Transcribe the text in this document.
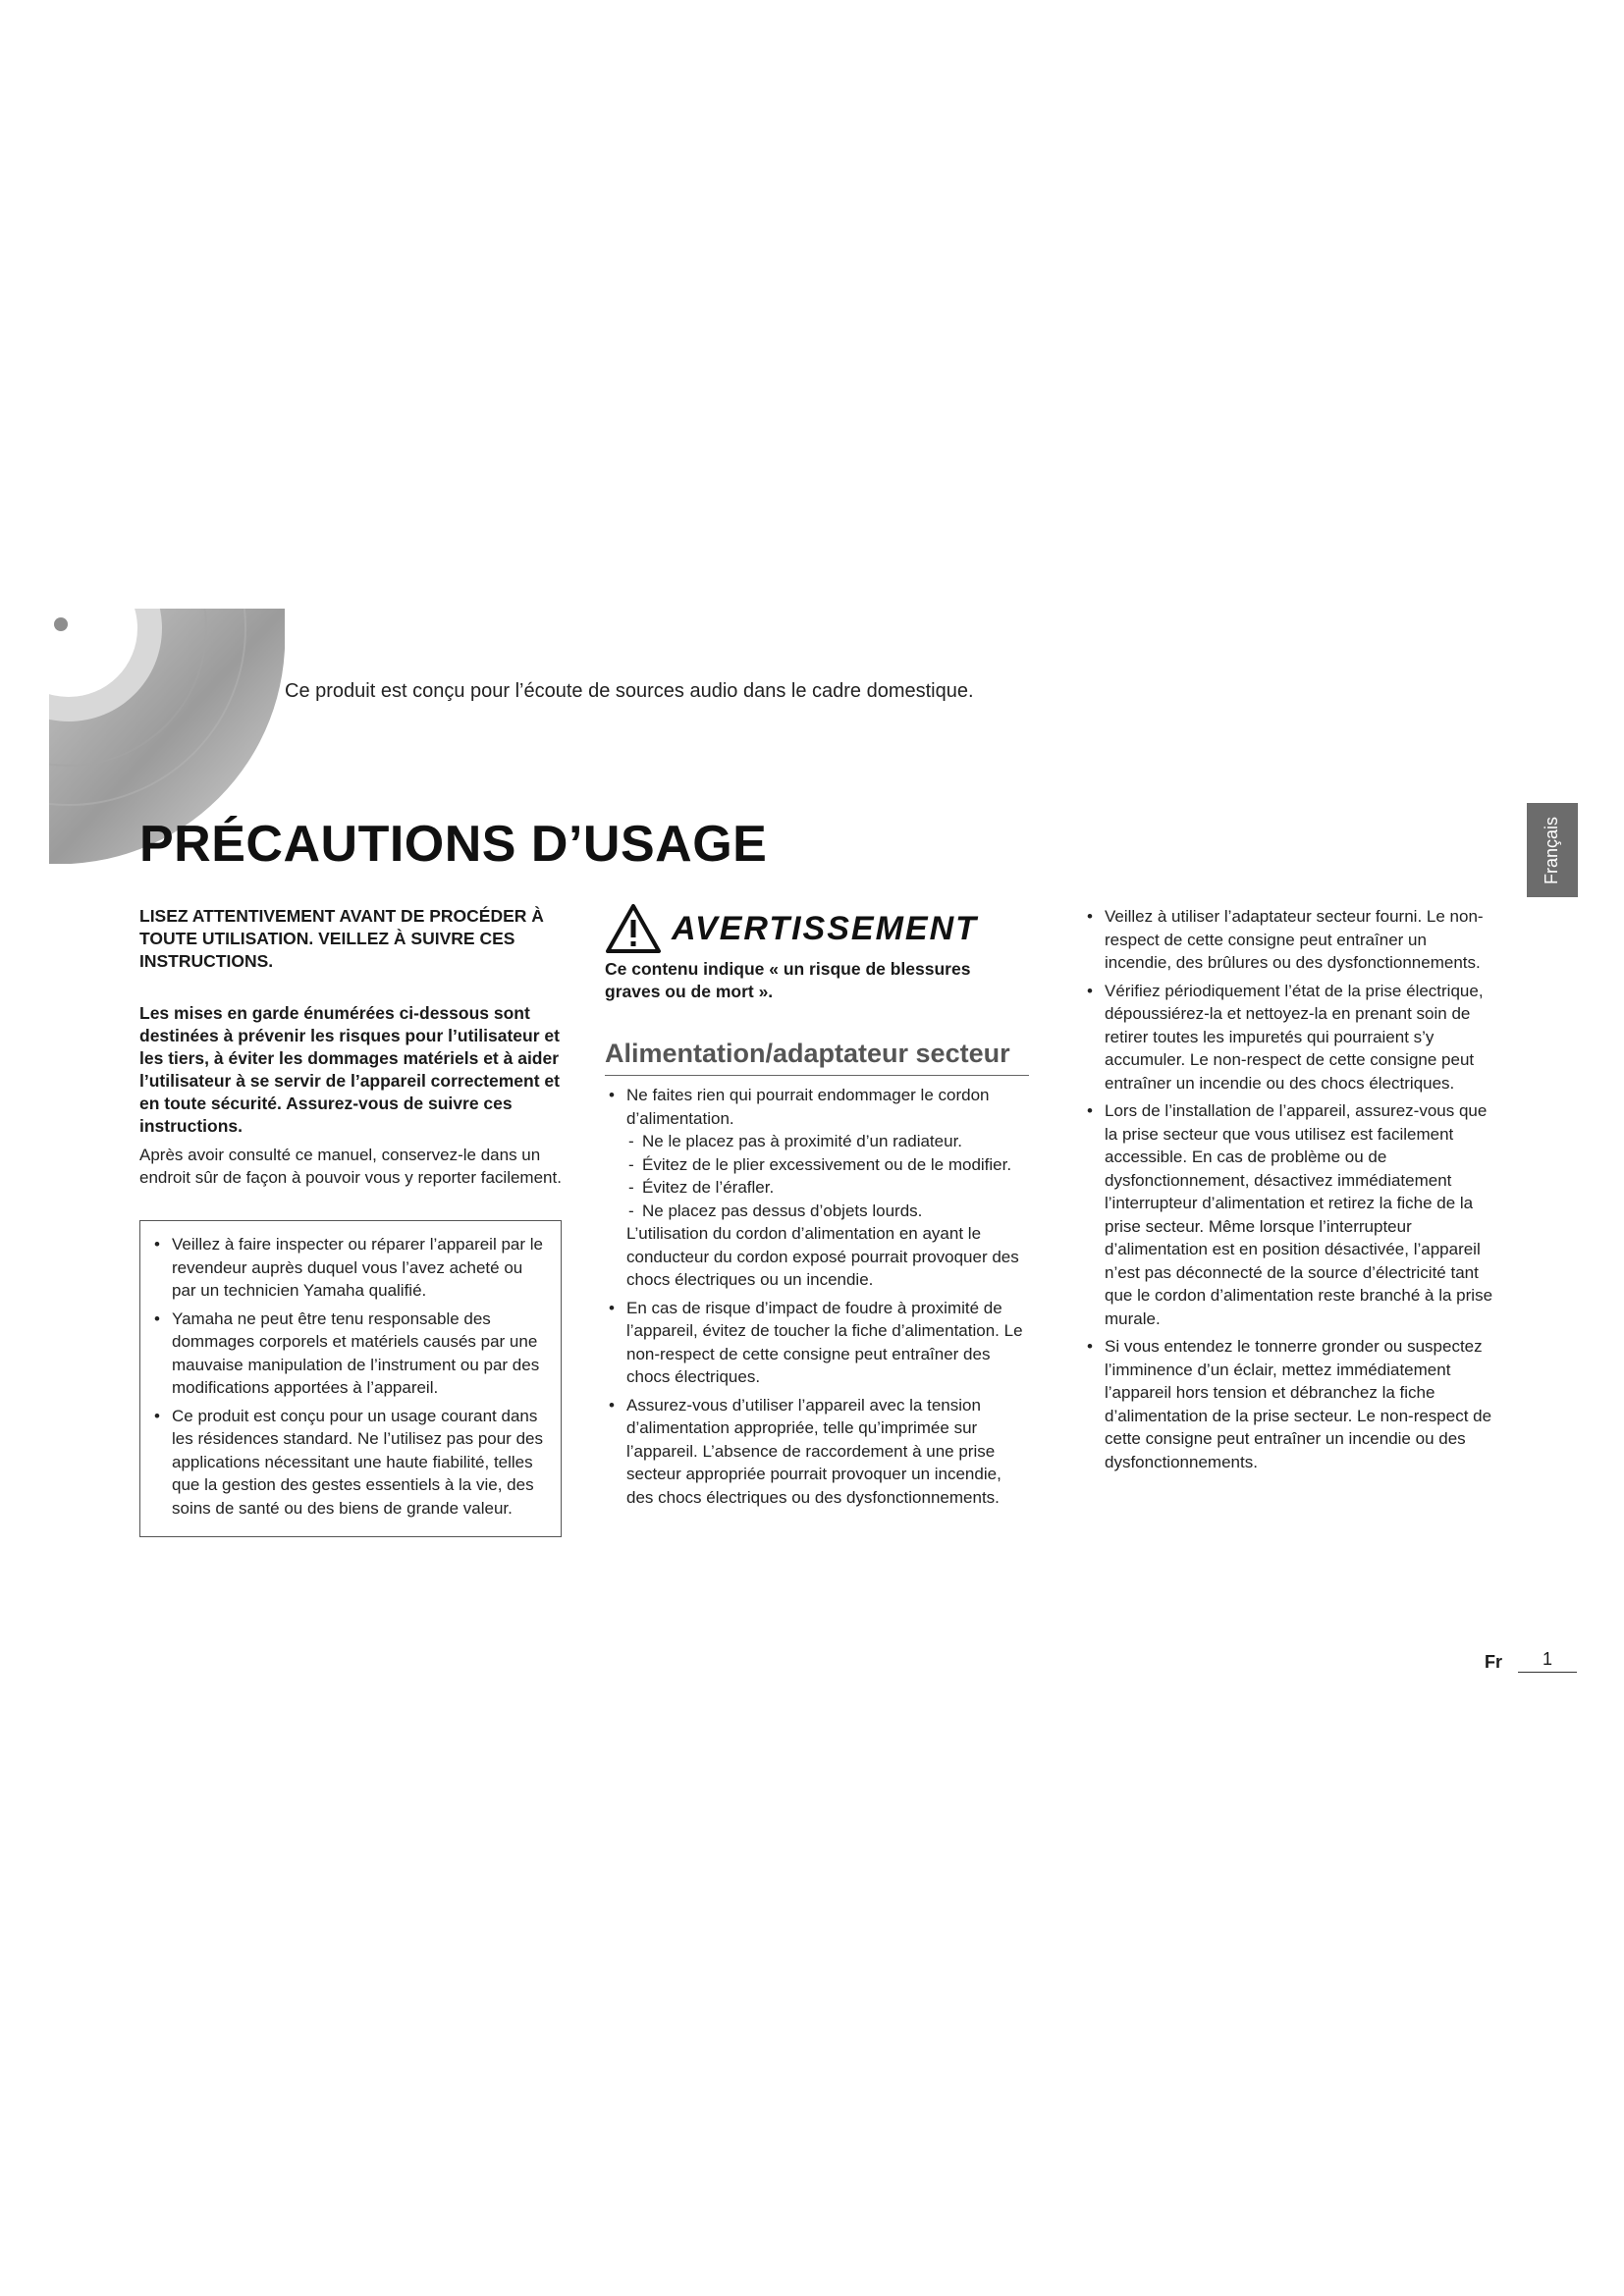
Ce produit est conçu pour l’écoute de sources audio dans le cadre domestique.
Français
PRÉCAUTIONS D’USAGE

LISEZ ATTENTIVEMENT AVANT DE PROCÉDER À TOUTE UTILISATION. VEILLEZ À SUIVRE CES INSTRUCTIONS.

Les mises en garde énumérées ci-dessous sont destinées à prévenir les risques pour l’utilisateur et les tiers, à éviter les dommages matériels et à aider l’utilisateur à se servir de l’appareil correctement et en toute sécurité. Assurez-vous de suivre ces instructions.

Après avoir consulté ce manuel, conservez-le dans un endroit sûr de façon à pouvoir vous y reporter facilement.

• Veillez à faire inspecter ou réparer l’appareil par le revendeur auprès duquel vous l’avez acheté ou par un technicien Yamaha qualifié.
• Yamaha ne peut être tenu responsable des dommages corporels et matériels causés par une mauvaise manipulation de l’instrument ou par des modifications apportées à l’appareil.
• Ce produit est conçu pour un usage courant dans les résidences standard. Ne l’utilisez pas pour des applications nécessitant une haute fiabilité, telles que la gestion des gestes essentiels à la vie, des soins de santé ou des biens de grande valeur.
AVERTISSEMENT

Ce contenu indique « un risque de blessures graves ou de mort ».

Alimentation/adaptateur secteur
• Ne faites rien qui pourrait endommager le cordon d’alimentation.
- Ne le placez pas à proximité d’un radiateur.
- Évitez de le plier excessivement ou de le modifier.
- Évitez de l’érafler.
- Ne placez pas dessus d’objets lourds.
L’utilisation du cordon d’alimentation en ayant le conducteur du cordon exposé pourrait provoquer des chocs électriques ou un incendie.
• En cas de risque d’impact de foudre à proximité de l’appareil, évitez de toucher la fiche d’alimentation. Le non-respect de cette consigne peut entraîner des chocs électriques.
• Assurez-vous d’utiliser l’appareil avec la tension d’alimentation appropriée, telle qu’imprimée sur l’appareil. L’absence de raccordement à une prise secteur appropriée pourrait provoquer un incendie, des chocs électriques ou des dysfonctionnements.
• Veillez à utiliser l’adaptateur secteur fourni. Le non-respect de cette consigne peut entraîner un incendie, des brûlures ou des dysfonctionnements.
• Vérifiez périodiquement l’état de la prise électrique, dépoussiérez-la et nettoyez-la en prenant soin de retirer toutes les impuretés qui pourraient s’y accumuler. Le non-respect de cette consigne peut entraîner un incendie ou des chocs électriques.
• Lors de l’installation de l’appareil, assurez-vous que la prise secteur que vous utilisez est facilement accessible. En cas de problème ou de dysfonctionnement, désactivez immédiatement l’interrupteur d’alimentation et retirez la fiche de la prise secteur. Même lorsque l’interrupteur d’alimentation est en position désactivée, l’appareil n’est pas déconnecté de la source d’électricité tant que le cordon d’alimentation reste branché à la prise murale.
• Si vous entendez le tonnerre gronder ou suspectez l’imminence d’un éclair, mettez immédiatement l’appareil hors tension et débranchez la fiche d’alimentation de la prise secteur. Le non-respect de cette consigne peut entraîner un incendie ou des dysfonctionnements.
Fr	1
